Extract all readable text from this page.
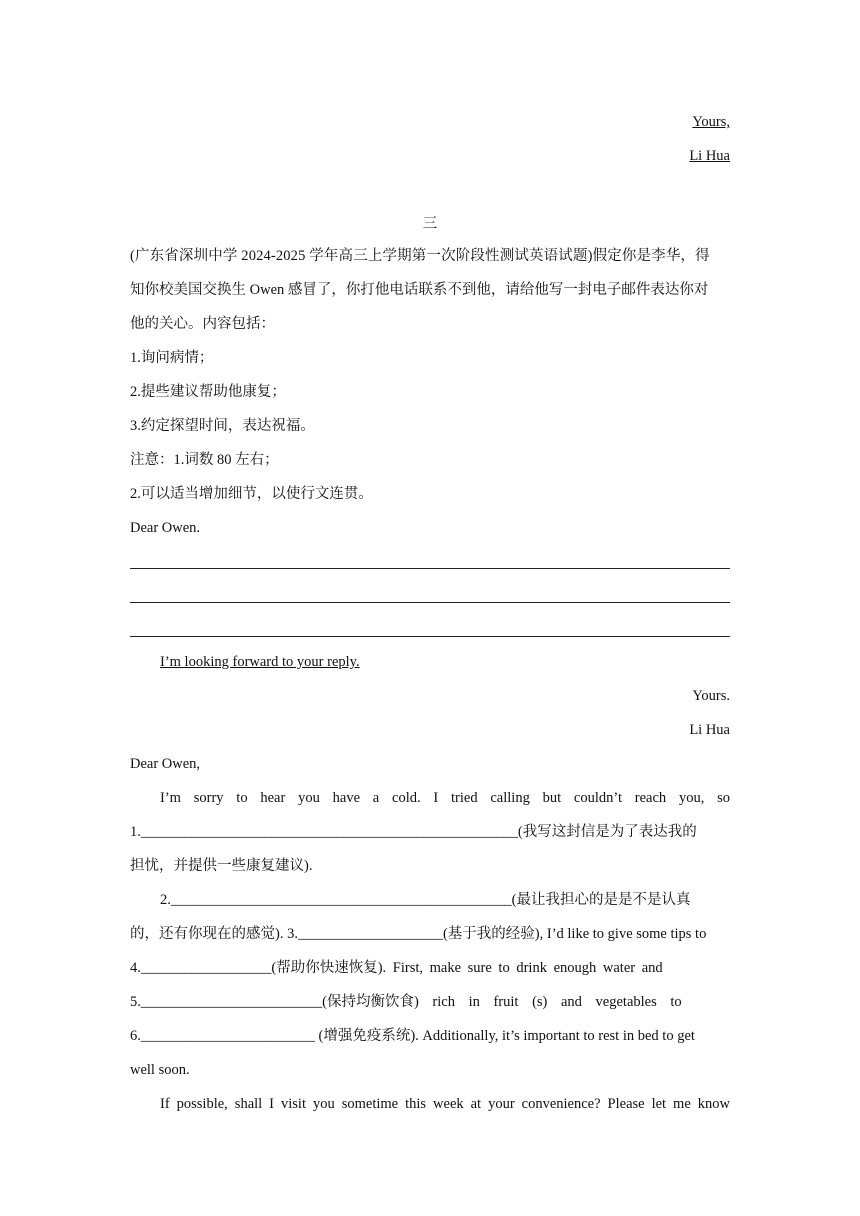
Yours,
Li Hua
三
(广东省深圳中学 2024-2025 学年高三上学期第一次阶段性测试英语试题)假定你是李华，得
知你校美国交换生 Owen 感冒了，你打他电话联系不到他，请给他写一封电子邮件表达你对
他的关心。内容包括：
1.询问病情；
2.提些建议帮助他康复；
3.约定探望时间，表达祝福。
注意：1.词数 80 左右；
2.可以适当增加细节，以使行文连贯。
Dear Owen.
I’m looking forward to your reply.
Yours.
Li Hua
Dear Owen,
I’m sorry to hear you have a cold. I tried calling but couldn’t reach you, so
1.____________________________________________________(我写这封信是为了表达我的
担忧，并提供一些康复建议).
2._______________________________________________(最让我担心的是是不是认真
的，还有你现在的感觉). 3.____________________(基于我的经验), I’d like to give some tips to
4.__________________(帮助你快速恢复). First, make sure to drink enough water and
5._________________________(保持均衡饮食) rich in fruit (s) and vegetables to
6.________________________ (增强免疫系统). Additionally, it’s important to rest in bed to get
well soon.
If possible, shall I visit you sometime this week at your convenience? Please let me know
